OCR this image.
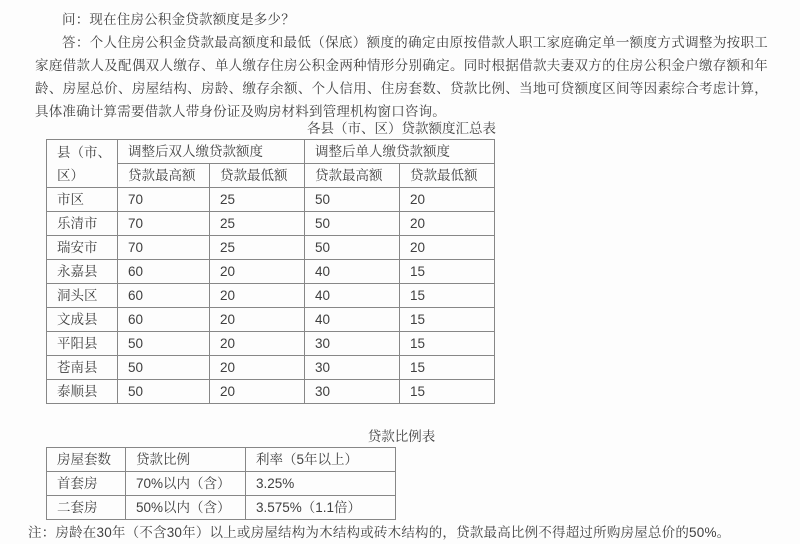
问：现在住房公积金贷款额度是多少？

答：个人住房公积金贷款最高额度和最低（保底）额度的确定由原按借款人职工家庭确定单一额度方式调整为按职工家庭借款人及配偶双人缴存、单人缴存住房公积金两种情形分别确定。同时根据借款夫妻双方的住房公积金户缴存额和年龄、房屋总价、房屋结构、房龄、缴存余额、个人信用、住房套数、贷款比例、当地可贷额度区间等因素综合考虑计算，具体准确计算需要借款人带身份证及购房材料到管理机构窗口咨询。

各县（市、区）贷款额度汇总表
县（市、区）	调整后双人缴贷款额度		调整后单人缴贷款额度	
	贷款最高额	贷款最低额	贷款最高额	贷款最低额
市区	70	25	50	20
乐清市	70	25	50	20
瑞安市	70	25	50	20
永嘉县	60	20	40	15
洞头区	60	20	40	15
文成县	60	20	40	15
平阳县	50	20	30	15
苍南县	50	20	30	15
泰顺县	50	20	30	15
贷款比例表
房屋套数	贷款比例	利率（5年以上）
首套房	70%以内（含）	3.25%
二套房	50%以内（含）	3.575%（1.1倍）

注：房龄在30年（不含30年）以上或房屋结构为木结构或砖木结构的，贷款最高比例不得超过所购房屋总价的50%。
